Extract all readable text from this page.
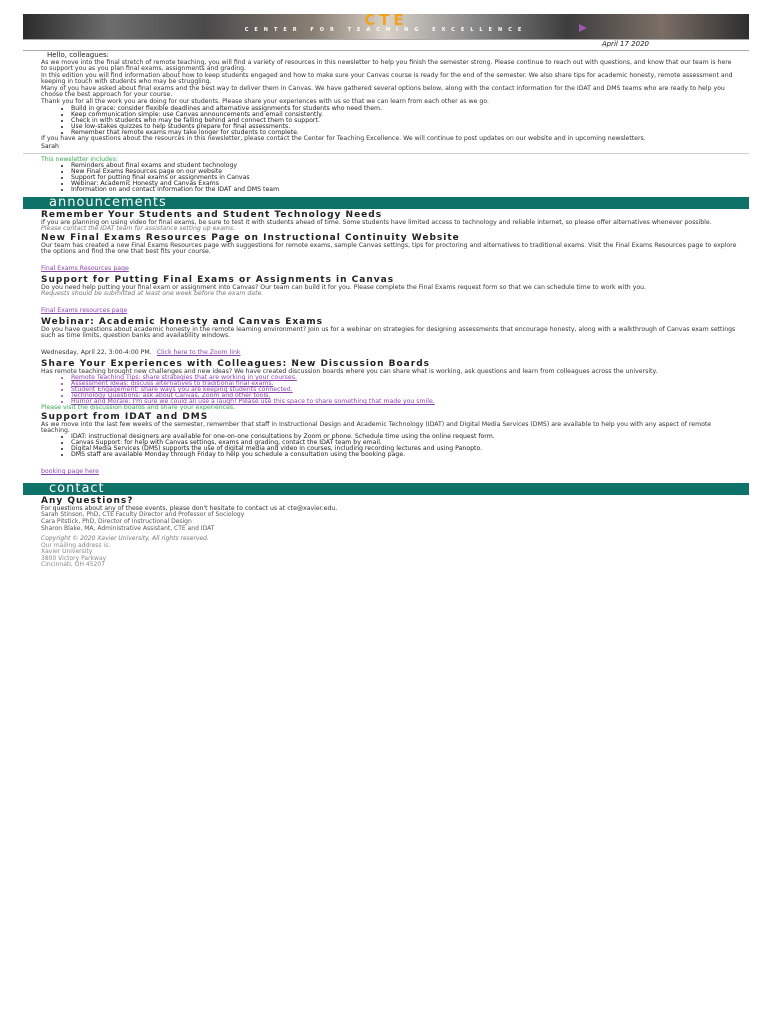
CTE
CENTER FOR TEACHING EXCELLENCE
April 17 2020
Hello, colleagues:

As we move into the final stretch of remote teaching, you will find a variety of resources in this newsletter to help you finish the semester strong. Please continue to reach out with questions, and know that our team is here to support you as you plan final exams, assignments and grading.

In this edition you will find information about how to keep students engaged and how to make sure your Canvas course is ready for the end of the semester. We also share tips for academic honesty, remote assessment and keeping in touch with students who may be struggling.

Many of you have asked about final exams and the best way to deliver them in Canvas. We have gathered several options below, along with the contact information for the IDAT and DMS teams who are ready to help you choose the best approach for your course.

Thank you for all the work you are doing for our students. Please share your experiences with us so that we can learn from each other as we go.

• Build in grace: consider flexible deadlines and alternative assignments for students who need them.
• Keep communication simple: use Canvas announcements and email consistently.
• Check in with students who may be falling behind and connect them to support.
• Use low-stakes quizzes to help students prepare for final assessments.
• Remember that remote exams may take longer for students to complete.
If you have any questions about the resources in this newsletter, please contact the Center for Teaching Excellence. We will continue to post updates on our website and in upcoming newsletters.
Sarah
This newsletter includes:
• Reminders about final exams and student technology
• New Final Exams Resources page on our website
• Support for putting final exams or assignments in Canvas
• Webinar: Academic Honesty and Canvas Exams
• Information on and contact information for the IDAT and DMS team
announcements
Remember Your Students and Student Technology Needs

If you are planning on using video for final exams, be sure to test it with students ahead of time. Some students have limited access to technology and reliable internet, so please offer alternatives whenever possible.

Please contact the IDAT team for assistance setting up exams.

New Final Exams Resources Page on Instructional Continuity Website

Our team has created a new Final Exams Resources page with suggestions for remote exams, sample Canvas settings, tips for proctoring and alternatives to traditional exams. Visit the Final Exams Resources page to explore the options and find the one that best fits your course.

Final Exams Resources page
Support for Putting Final Exams or Assignments in Canvas

Do you need help putting your final exam or assignment into Canvas? Our team can build it for you. Please complete the Final Exams request form so that we can schedule time to work with you.

Requests should be submitted at least one week before the exam date.

Final Exams resources page
Webinar: Academic Honesty and Canvas Exams

Do you have questions about academic honesty in the remote learning environment? Join us for a webinar on strategies for designing assessments that encourage honesty, along with a walkthrough of Canvas exam settings such as time limits, question banks and availability windows.

Wednesday, April 22, 3:00-4:00 PM. Click here to the Zoom link
Share Your Experiences with Colleagues: New Discussion Boards

Has remote teaching brought new challenges and new ideas? We have created discussion boards where you can share what is working, ask questions and learn from colleagues across the university.

• Remote Teaching Tips: share strategies that are working in your courses.
• Assessment Ideas: discuss alternatives to traditional final exams.
• Student Engagement: share ways you are keeping students connected.
• Technology Questions: ask about Canvas, Zoom and other tools.
• Humor and Morale: I'm sure we could all use a laugh! Please use this space to share something that made you smile.

Please visit the discussion boards and share your experiences.

Support from IDAT and DMS

As we move into the last few weeks of the semester, remember that staff in Instructional Design and Academic Technology (IDAT) and Digital Media Services (DMS) are available to help you with any aspect of remote teaching.

• IDAT: instructional designers are available for one-on-one consultations by Zoom or phone. Schedule time using the online request form.
• Canvas Support: for help with Canvas settings, exams and grading, contact the IDAT team by email.
• Digital Media Services (DMS) supports the use of digital media and video in courses, including recording lectures and using Panopto.
• DMS staff are available Monday through Friday to help you schedule a consultation using the booking page.
booking page here
contact
Any Questions?

For questions about any of these events, please don't hesitate to contact us at cte@xavier.edu.

Sarah Stinson, PhD, CTE Faculty Director and Professor of Sociology

Cara Pitstick, PhD, Director of Instructional Design

Sharon Blake, MA, Administrative Assistant, CTE and IDAT

Copyright © 2020 Xavier University, All rights reserved.
Our mailing address is:
Xavier University
3800 Victory Parkway
Cincinnati, OH 45207
